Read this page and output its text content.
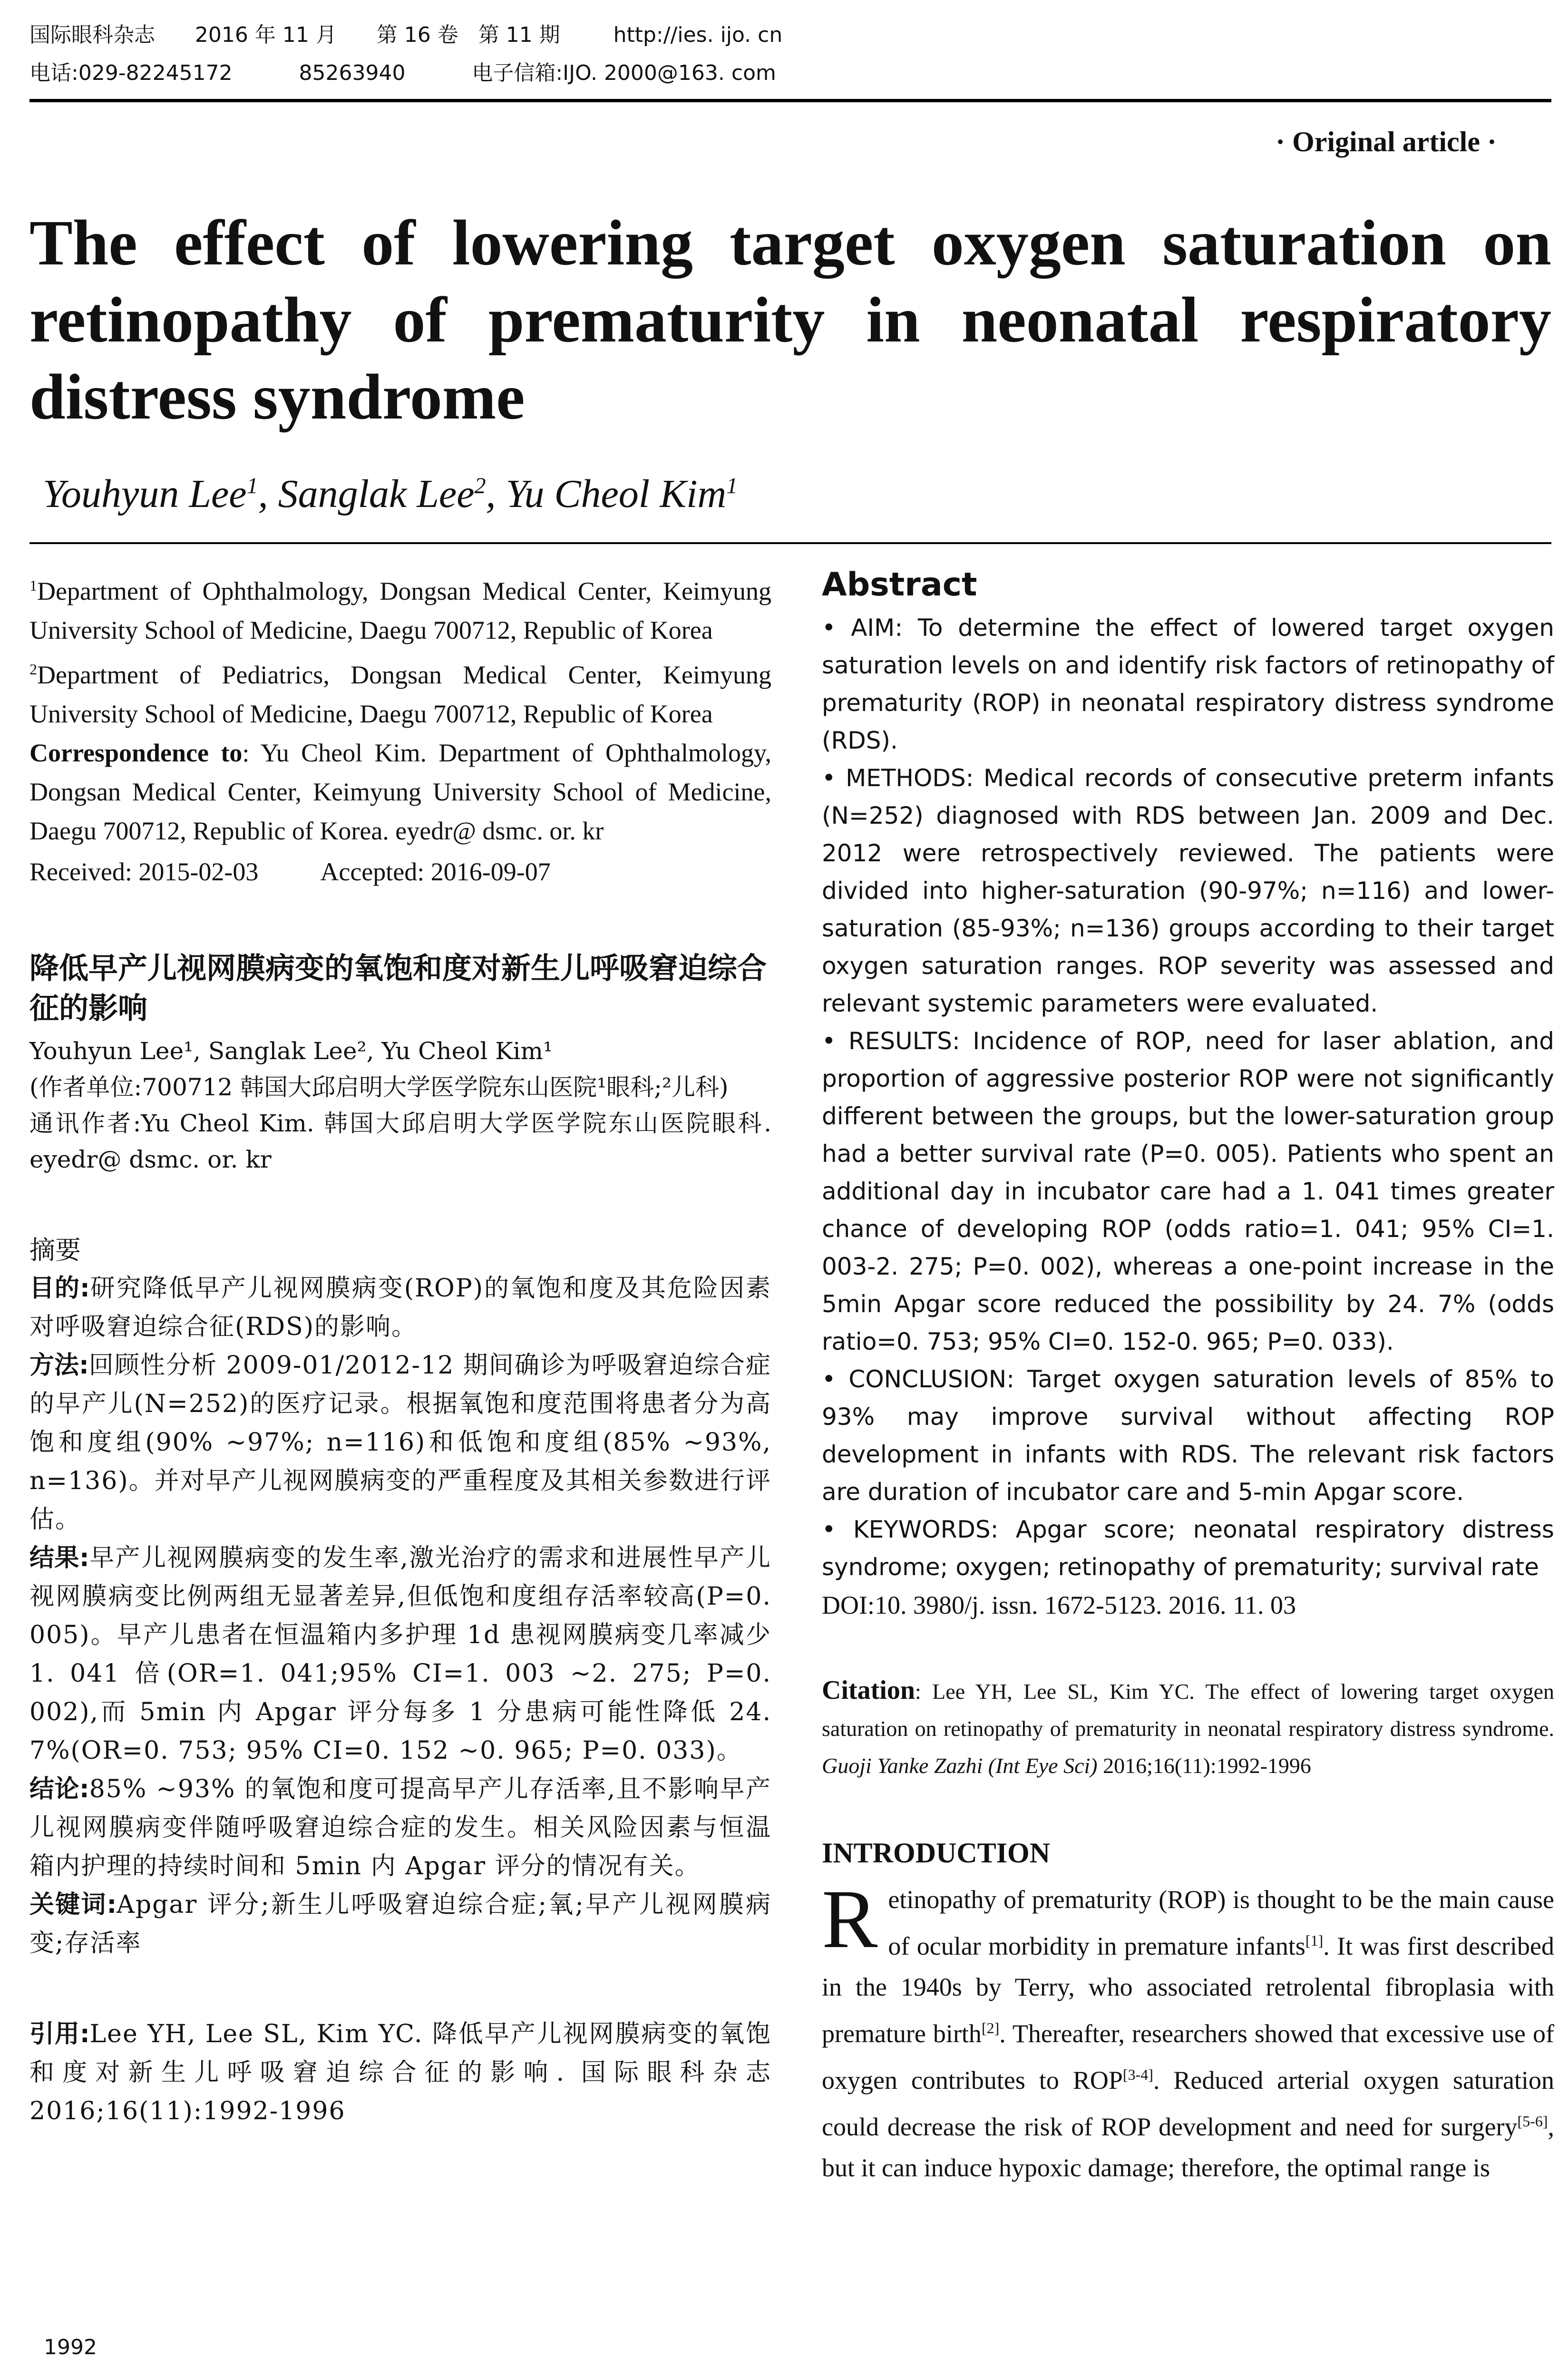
国际眼科杂志 2016 年 11 月 第 16 卷 第 11 期	http://ies. ijo. cn
电话:029-82245172	85263940	电子信箱:IJO. 2000@163. com
· Original article ·
The effect of lowering target oxygen saturation on retinopathy of prematurity in neonatal respiratory distress syndrome
Youhyun Lee$^1$, Sanglak Lee$^2$, Yu Cheol Kim$^1$

$^1$Department of Ophthalmology, Dongsan Medical Center, Keimyung University School of Medicine, Daegu 700712, Republic of Korea

$^2$Department of Pediatrics, Dongsan Medical Center, Keimyung University School of Medicine, Daegu 700712, Republic of Korea

Correspondence to: Yu Cheol Kim. Department of Ophthalmology, Dongsan Medical Center, Keimyung University School of Medicine, Daegu 700712, Republic of Korea. eyedr@ dsmc. or. kr

Received: 2015-02-03 Accepted: 2016-09-07
降低早产儿视网膜病变的氧饱和度对新生儿呼吸窘迫综合征的影响

Youhyun Lee¹, Sanglak Lee², Yu Cheol Kim¹

(作者单位:700712 韩国大邱启明大学医学院东山医院¹眼科;²儿科)

通讯作者:Yu Cheol Kim. 韩国大邱启明大学医学院东山医院眼科. eyedr@ dsmc. or. kr

摘要

目的:研究降低早产儿视网膜病变(ROP)的氧饱和度及其危险因素对呼吸窘迫综合征(RDS)的影响。

方法:回顾性分析 2009-01/2012-12 期间确诊为呼吸窘迫综合症的早产儿(N=252)的医疗记录。根据氧饱和度范围将患者分为高饱和度组(90% ~97%; n=116)和低饱和度组(85% ~93%, n=136)。并对早产儿视网膜病变的严重程度及其相关参数进行评估。

结果:早产儿视网膜病变的发生率,激光治疗的需求和进展性早产儿视网膜病变比例两组无显著差异,但低饱和度组存活率较高(P=0. 005)。早产儿患者在恒温箱内多护理 1d 患视网膜病变几率减少 1. 041 倍(OR=1. 041;95% CI=1. 003 ~2. 275; P=0. 002),而 5min 内 Apgar 评分每多 1 分患病可能性降低 24. 7%(OR=0. 753; 95% CI=0. 152 ~0. 965; P=0. 033)。

结论:85% ~93% 的氧饱和度可提高早产儿存活率,且不影响早产儿视网膜病变伴随呼吸窘迫综合症的发生。相关风险因素与恒温箱内护理的持续时间和 5min 内 Apgar 评分的情况有关。

关键词:Apgar 评分;新生儿呼吸窘迫综合症;氧;早产儿视网膜病变;存活率

引用:Lee YH, Lee SL, Kim YC. 降低早产儿视网膜病变的氧饱和度对新生儿呼吸窘迫综合征的影响. 国际眼科杂志 2016;16(11):1992-1996

Abstract

• AIM: To determine the effect of lowered target oxygen saturation levels on and identify risk factors of retinopathy of prematurity (ROP) in neonatal respiratory distress syndrome (RDS).

• METHODS: Medical records of consecutive preterm infants (N=252) diagnosed with RDS between Jan. 2009 and Dec. 2012 were retrospectively reviewed. The patients were divided into higher-saturation (90-97%; n=116) and lower-saturation (85-93%; n=136) groups according to their target oxygen saturation ranges. ROP severity was assessed and relevant systemic parameters were evaluated.

• RESULTS: Incidence of ROP, need for laser ablation, and proportion of aggressive posterior ROP were not significantly different between the groups, but the lower-saturation group had a better survival rate (P=0. 005). Patients who spent an additional day in incubator care had a 1. 041 times greater chance of developing ROP (odds ratio=1. 041; 95% CI=1. 003-2. 275; P=0. 002), whereas a one-point increase in the 5min Apgar score reduced the possibility by 24. 7% (odds ratio=0. 753; 95% CI=0. 152-0. 965; P=0. 033).

• CONCLUSION: Target oxygen saturation levels of 85% to 93% may improve survival without affecting ROP development in infants with RDS. The relevant risk factors are duration of incubator care and 5-min Apgar score.

• KEYWORDS: Apgar score; neonatal respiratory distress syndrome; oxygen; retinopathy of prematurity; survival rate

DOI:10. 3980/j. issn. 1672-5123. 2016. 11. 03

Citation: Lee YH, Lee SL, Kim YC. The effect of lowering target oxygen saturation on retinopathy of prematurity in neonatal respiratory distress syndrome. Guoji Yanke Zazhi (Int Eye Sci) 2016;16(11):1992-1996

INTRODUCTION

Retinopathy of prematurity (ROP) is thought to be the main cause of ocular morbidity in premature infants[1]. It was first described in the 1940s by Terry, who associated retrolental fibroplasia with premature birth[2]. Thereafter, researchers showed that excessive use of oxygen contributes to ROP[3-4]. Reduced arterial oxygen saturation could decrease the risk of ROP development and need for surgery[5-6], but it can induce hypoxic damage; therefore, the optimal range is

1992
